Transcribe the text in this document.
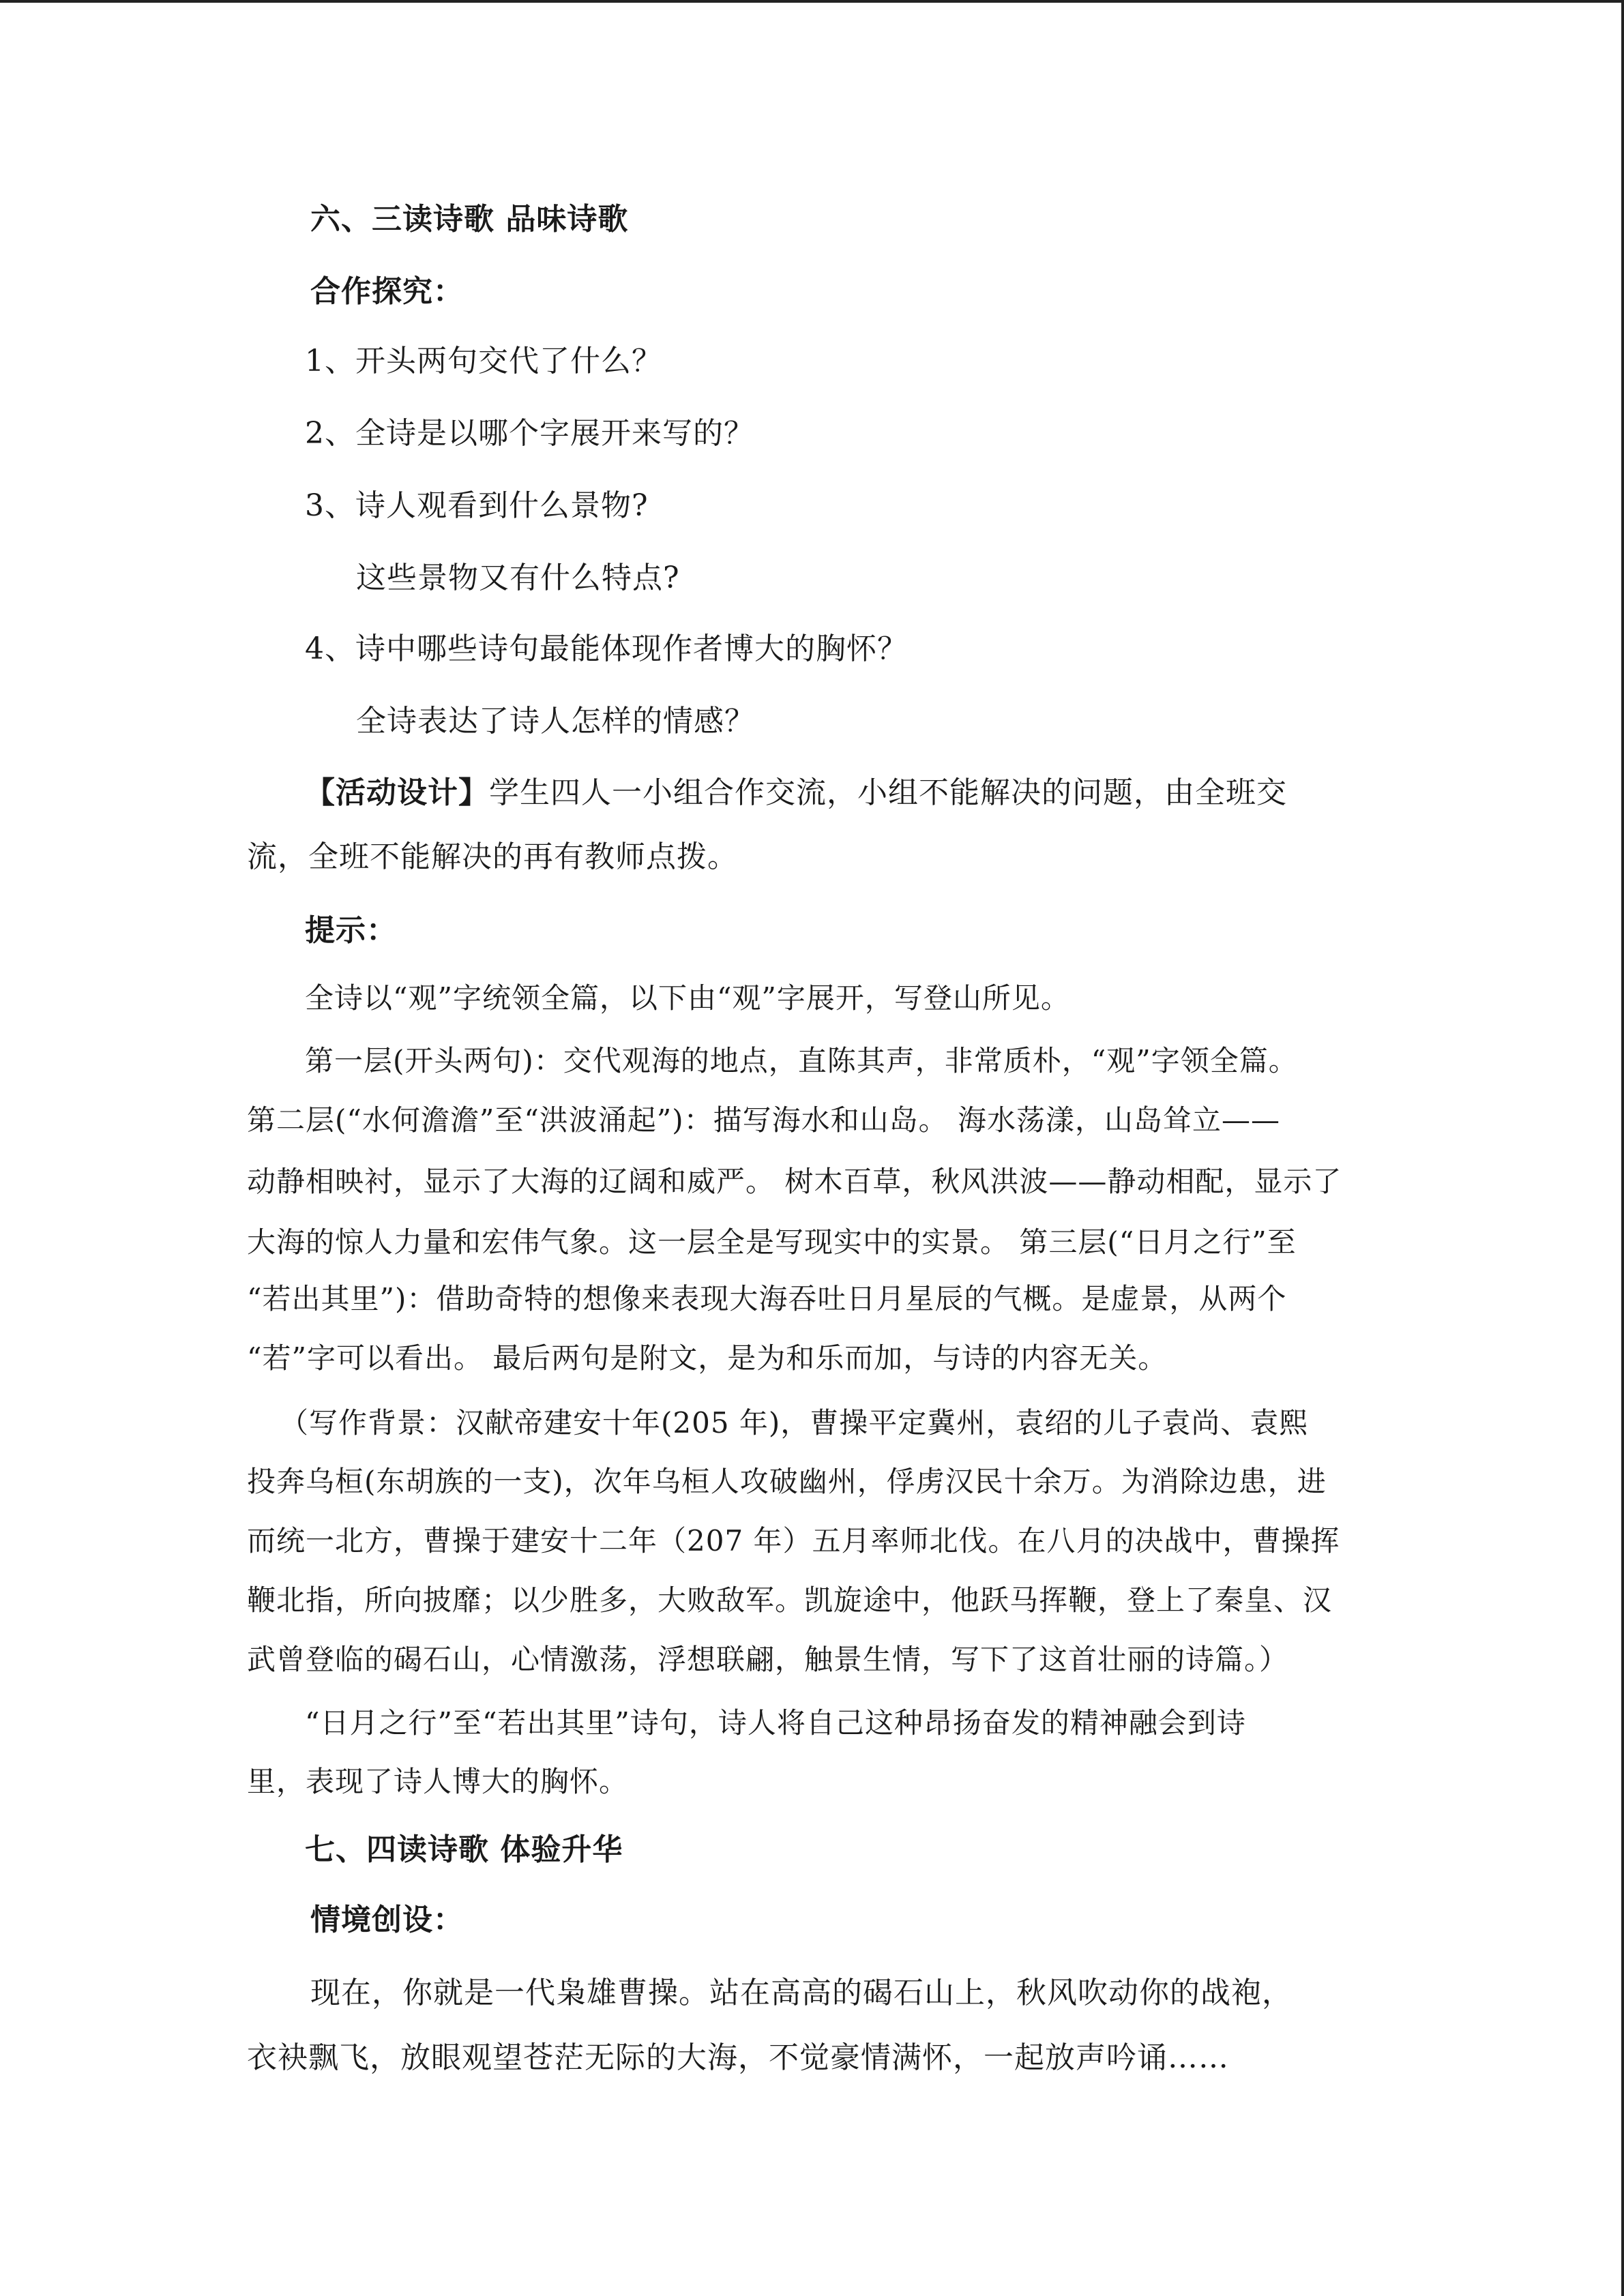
六、三读诗歌 品味诗歌
合作探究：
1、开头两句交代了什么？
2、全诗是以哪个字展开来写的？
3、诗人观看到什么景物?
这些景物又有什么特点?
4、诗中哪些诗句最能体现作者博大的胸怀？
全诗表达了诗人怎样的情感？
【活动设计】学生四人一小组合作交流，小组不能解决的问题，由全班交
流，全班不能解决的再有教师点拨。
提示：
全诗以“观”字统领全篇，以下由“观”字展开，写登山所见。
第一层(开头两句)：交代观海的地点，直陈其声，非常质朴，“观”字领全篇。
第二层(“水何澹澹”至“洪波涌起”)：描写海水和山岛。 海水荡漾，山岛耸立——
动静相映衬，显示了大海的辽阔和威严。 树木百草，秋风洪波——静动相配，显示了
大海的惊人力量和宏伟气象。这一层全是写现实中的实景。 第三层(“日月之行”至
“若出其里”)：借助奇特的想像来表现大海吞吐日月星辰的气概。是虚景，从两个
“若”字可以看出。 最后两句是附文，是为和乐而加，与诗的内容无关。
（写作背景：汉献帝建安十年(205 年)，曹操平定冀州，袁绍的儿子袁尚、袁熙
投奔乌桓(东胡族的一支)，次年乌桓人攻破幽州，俘虏汉民十余万。为消除边患，进
而统一北方，曹操于建安十二年（207 年）五月率师北伐。在八月的决战中，曹操挥
鞭北指，所向披靡；以少胜多，大败敌军。凯旋途中，他跃马挥鞭，登上了秦皇、汉
武曾登临的碣石山，心情激荡，浮想联翩，触景生情，写下了这首壮丽的诗篇。）
“日月之行”至“若出其里”诗句，诗人将自己这种昂扬奋发的精神融会到诗
里，表现了诗人博大的胸怀。
七、四读诗歌 体验升华
情境创设：
现在，你就是一代枭雄曹操。站在高高的碣石山上，秋风吹动你的战袍，
衣袂飘飞，放眼观望苍茫无际的大海，不觉豪情满怀，一起放声吟诵……
